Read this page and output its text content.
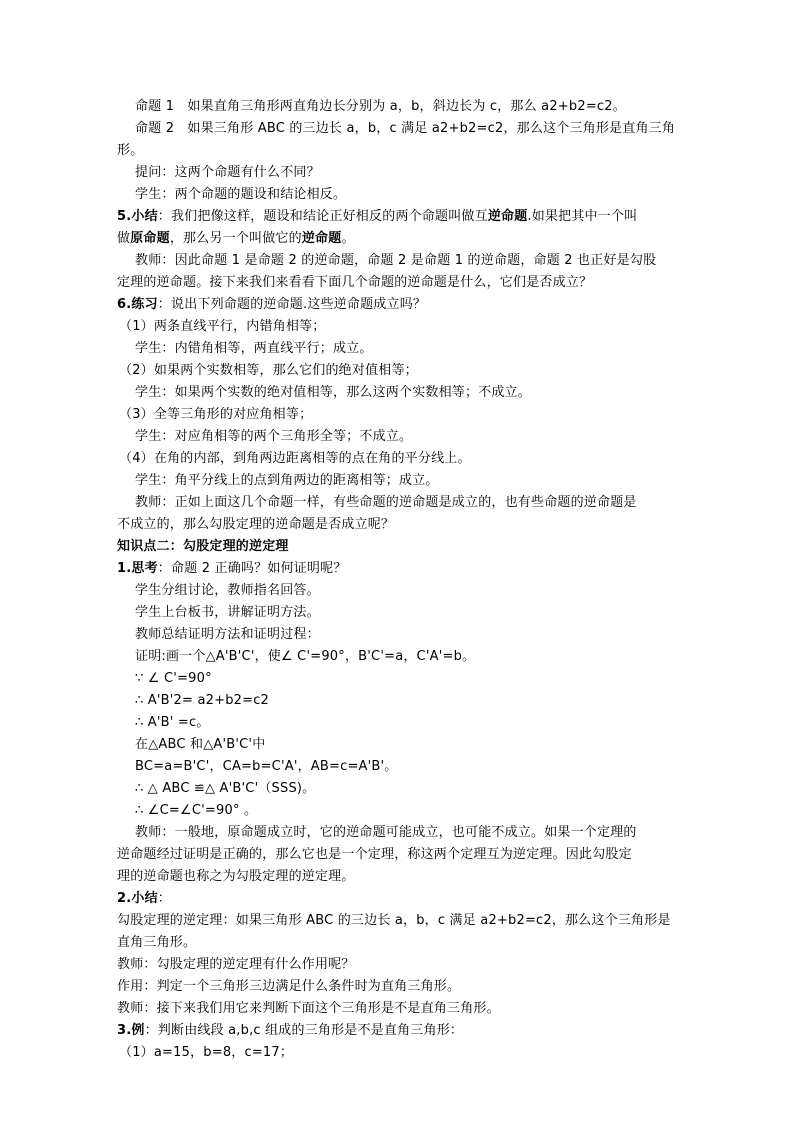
命题 1　如果直角三角形两直角边长分别为 a，b，斜边长为 c，那么 a2+b2=c2。
命题 2　如果三角形 ABC 的三边长 a，b，c 满足 a2+b2=c2，那么这个三角形是直角三角
形。
提问：这两个命题有什么不同？
学生：两个命题的题设和结论相反。
5.小结：我们把像这样，题设和结论正好相反的两个命题叫做互逆命题.如果把其中一个叫
做原命题，那么另一个叫做它的逆命题。
教师：因此命题 1 是命题 2 的逆命题，命题 2 是命题 1 的逆命题，命题 2 也正好是勾股
定理的逆命题。接下来我们来看看下面几个命题的逆命题是什么，它们是否成立？
6.练习：说出下列命题的逆命题.这些逆命题成立吗？
（1）两条直线平行，内错角相等；
学生：内错角相等，两直线平行；成立。
（2）如果两个实数相等，那么它们的绝对值相等；
学生：如果两个实数的绝对值相等，那么这两个实数相等；不成立。
（3）全等三角形的对应角相等；
学生：对应角相等的两个三角形全等；不成立。
（4）在角的内部，到角两边距离相等的点在角的平分线上。
学生：角平分线上的点到角两边的距离相等；成立。
教师：正如上面这几个命题一样，有些命题的逆命题是成立的，也有些命题的逆命题是
不成立的，那么勾股定理的逆命题是否成立呢？
知识点二：勾股定理的逆定理
1.思考：命题 2 正确吗？如何证明呢？
学生分组讨论，教师指名回答。
学生上台板书，讲解证明方法。
教师总结证明方法和证明过程：
证明:画一个△A'B'C'，使∠ C'=90°，B'C'=a，C'A'=b。
∵ ∠ C'=90°
∴ A'B'2= a2+b2=c2
∴ A'B' =c。
在△ABC 和△A'B'C'中
BC=a=B'C'，CA=b=C'A'，AB=c=A'B'。
∴ △ ABC ≌△ A'B'C'（SSS)。
∴ ∠C=∠C'=90° 。
教师：一般地，原命题成立时，它的逆命题可能成立，也可能不成立。如果一个定理的
逆命题经过证明是正确的，那么它也是一个定理，称这两个定理互为逆定理。因此勾股定
理的逆命题也称之为勾股定理的逆定理。
2.小结：
勾股定理的逆定理：如果三角形 ABC 的三边长 a，b，c 满足 a2+b2=c2，那么这个三角形是
直角三角形。
教师：勾股定理的逆定理有什么作用呢？
作用：判定一个三角形三边满足什么条件时为直角三角形。
教师：接下来我们用它来判断下面这个三角形是不是直角三角形。
3.例：判断由线段 a,b,c 组成的三角形是不是直角三角形：
（1）a=15，b=8，c=17；
